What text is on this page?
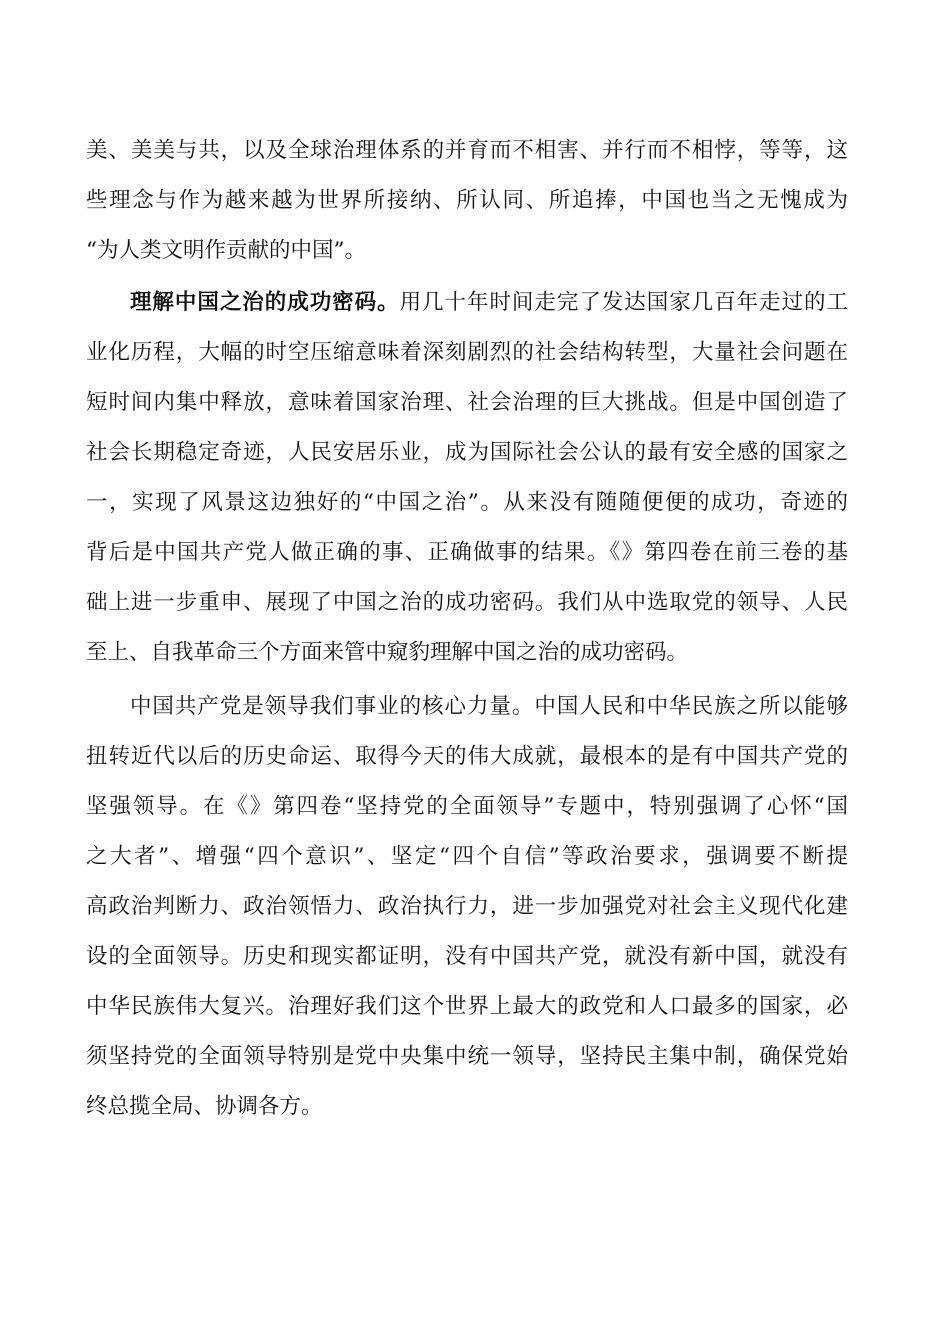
美、美美与共，以及全球治理体系的并育而不相害、并行而不相悖，等等，这
些理念与作为越来越为世界所接纳、所认同、所追捧，中国也当之无愧成为
“为人类文明作贡献的中国”。
理解中国之治的成功密码。用几十年时间走完了发达国家几百年走过的工
业化历程，大幅的时空压缩意味着深刻剧烈的社会结构转型，大量社会问题在
短时间内集中释放，意味着国家治理、社会治理的巨大挑战。但是中国创造了
社会长期稳定奇迹，人民安居乐业，成为国际社会公认的最有安全感的国家之
一，实现了风景这边独好的“中国之治”。从来没有随随便便的成功，奇迹的
背后是中国共产党人做正确的事、正确做事的结果。《》第四卷在前三卷的基
础上进一步重申、展现了中国之治的成功密码。我们从中选取党的领导、人民
至上、自我革命三个方面来管中窥豹理解中国之治的成功密码。
中国共产党是领导我们事业的核心力量。中国人民和中华民族之所以能够
扭转近代以后的历史命运、取得今天的伟大成就，最根本的是有中国共产党的
坚强领导。在《》第四卷“坚持党的全面领导”专题中，特别强调了心怀“国
之大者”、增强“四个意识”、坚定“四个自信”等政治要求，强调要不断提
高政治判断力、政治领悟力、政治执行力，进一步加强党对社会主义现代化建
设的全面领导。历史和现实都证明，没有中国共产党，就没有新中国，就没有
中华民族伟大复兴。治理好我们这个世界上最大的政党和人口最多的国家，必
须坚持党的全面领导特别是党中央集中统一领导，坚持民主集中制，确保党始
终总揽全局、协调各方。
